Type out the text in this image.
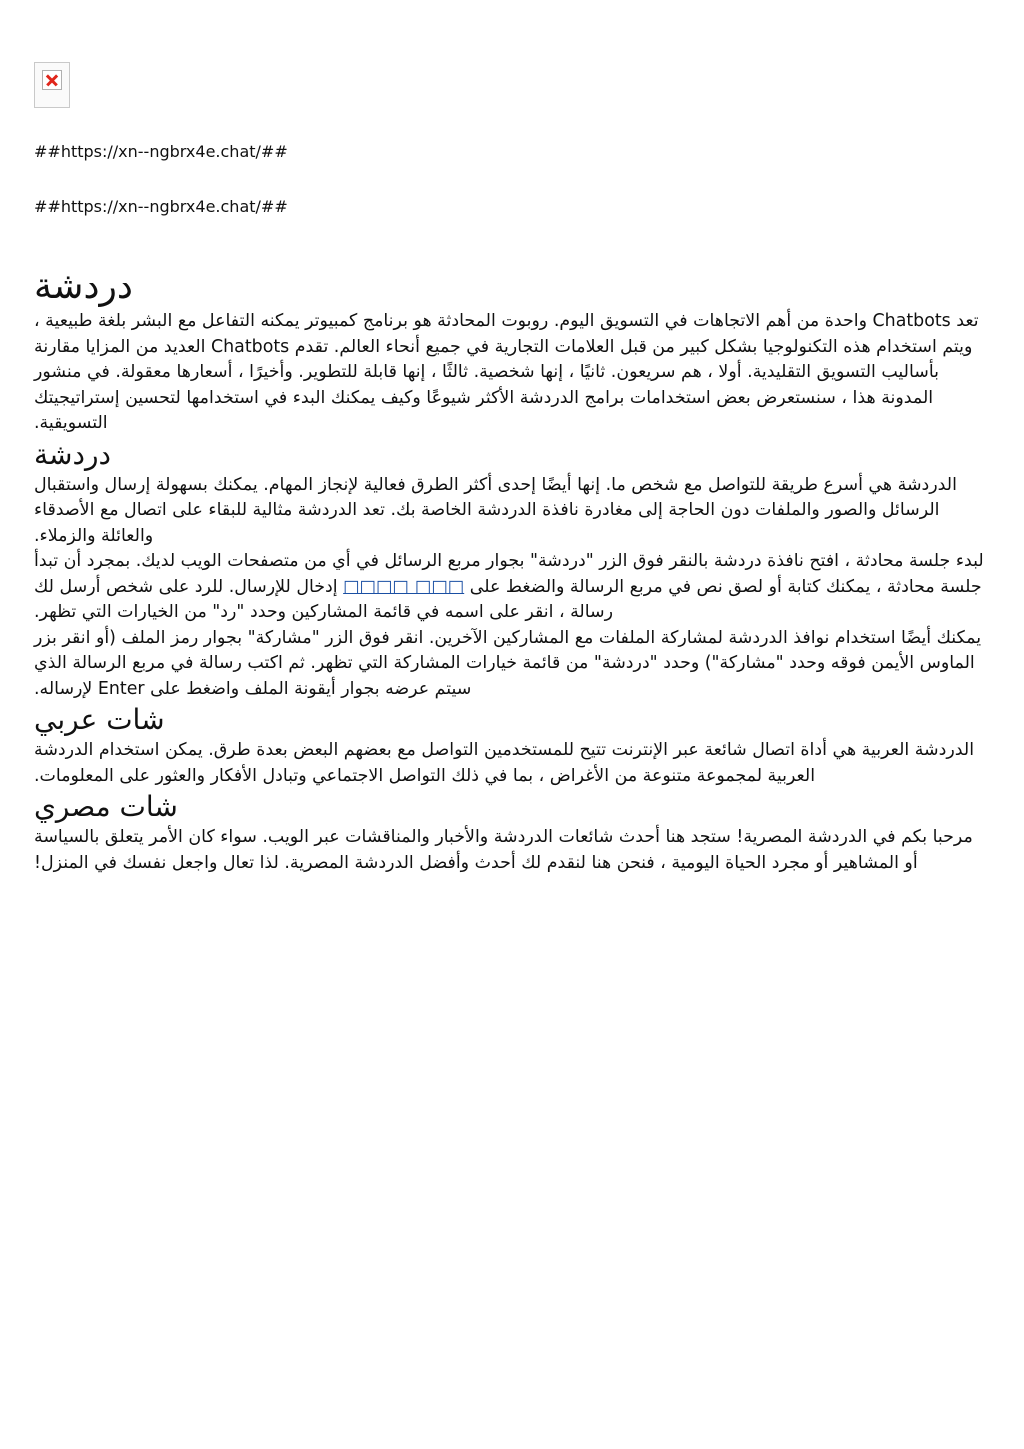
##https://xn--ngbrx4e.chat/##

##https://xn--ngbrx4e.chat/##

دردشة

تعد Chatbots واحدة من أهم الاتجاهات في التسويق اليوم. روبوت المحادثة هو برنامج كمبيوتر يمكنه التفاعل مع البشر بلغة طبيعية ، ويتم استخدام هذه التكنولوجيا بشكل كبير من قبل العلامات التجارية في جميع أنحاء العالم. تقدم Chatbots العديد من المزايا مقارنة بأساليب التسويق التقليدية. أولا ، هم سريعون. ثانيًا ، إنها شخصية. ثالثًا ، إنها قابلة للتطوير. وأخيرًا ، أسعارها معقولة. في منشور المدونة هذا ، سنستعرض بعض استخدامات برامج الدردشة الأكثر شيوعًا وكيف يمكنك البدء في استخدامها لتحسين إستراتيجيتك التسويقية.

دردشة

الدردشة هي أسرع طريقة للتواصل مع شخص ما. إنها أيضًا إحدى أكثر الطرق فعالية لإنجاز المهام. يمكنك بسهولة إرسال واستقبال الرسائل والصور والملفات دون الحاجة إلى مغادرة نافذة الدردشة الخاصة بك. تعد الدردشة مثالية للبقاء على اتصال مع الأصدقاء والعائلة والزملاء.

لبدء جلسة محادثة ، افتح نافذة دردشة بالنقر فوق الزر "دردشة" بجوار مربع الرسائل في أي من متصفحات الويب لديك. بمجرد أن تبدأ جلسة محادثة ، يمكنك كتابة أو لصق نص في مربع الرسالة والضغط على □□□ □□□□ إدخال للإرسال. للرد على شخص أرسل لك رسالة ، انقر على اسمه في قائمة المشاركين وحدد "رد" من الخيارات التي تظهر.

يمكنك أيضًا استخدام نوافذ الدردشة لمشاركة الملفات مع المشاركين الآخرين. انقر فوق الزر "مشاركة" بجوار رمز الملف (أو انقر بزر الماوس الأيمن فوقه وحدد "مشاركة") وحدد "دردشة" من قائمة خيارات المشاركة التي تظهر. ثم اكتب رسالة في مربع الرسالة الذي سيتم عرضه بجوار أيقونة الملف واضغط على Enter لإرساله.

شات عربي

الدردشة العربية هي أداة اتصال شائعة عبر الإنترنت تتيح للمستخدمين التواصل مع بعضهم البعض بعدة طرق. يمكن استخدام الدردشة العربية لمجموعة متنوعة من الأغراض ، بما في ذلك التواصل الاجتماعي وتبادل الأفكار والعثور على المعلومات.

شات مصري

مرحبا بكم في الدردشة المصرية! ستجد هنا أحدث شائعات الدردشة والأخبار والمناقشات عبر الويب. سواء كان الأمر يتعلق بالسياسة أو المشاهير أو مجرد الحياة اليومية ، فنحن هنا لنقدم لك أحدث وأفضل الدردشة المصرية. لذا تعال واجعل نفسك في المنزل!
